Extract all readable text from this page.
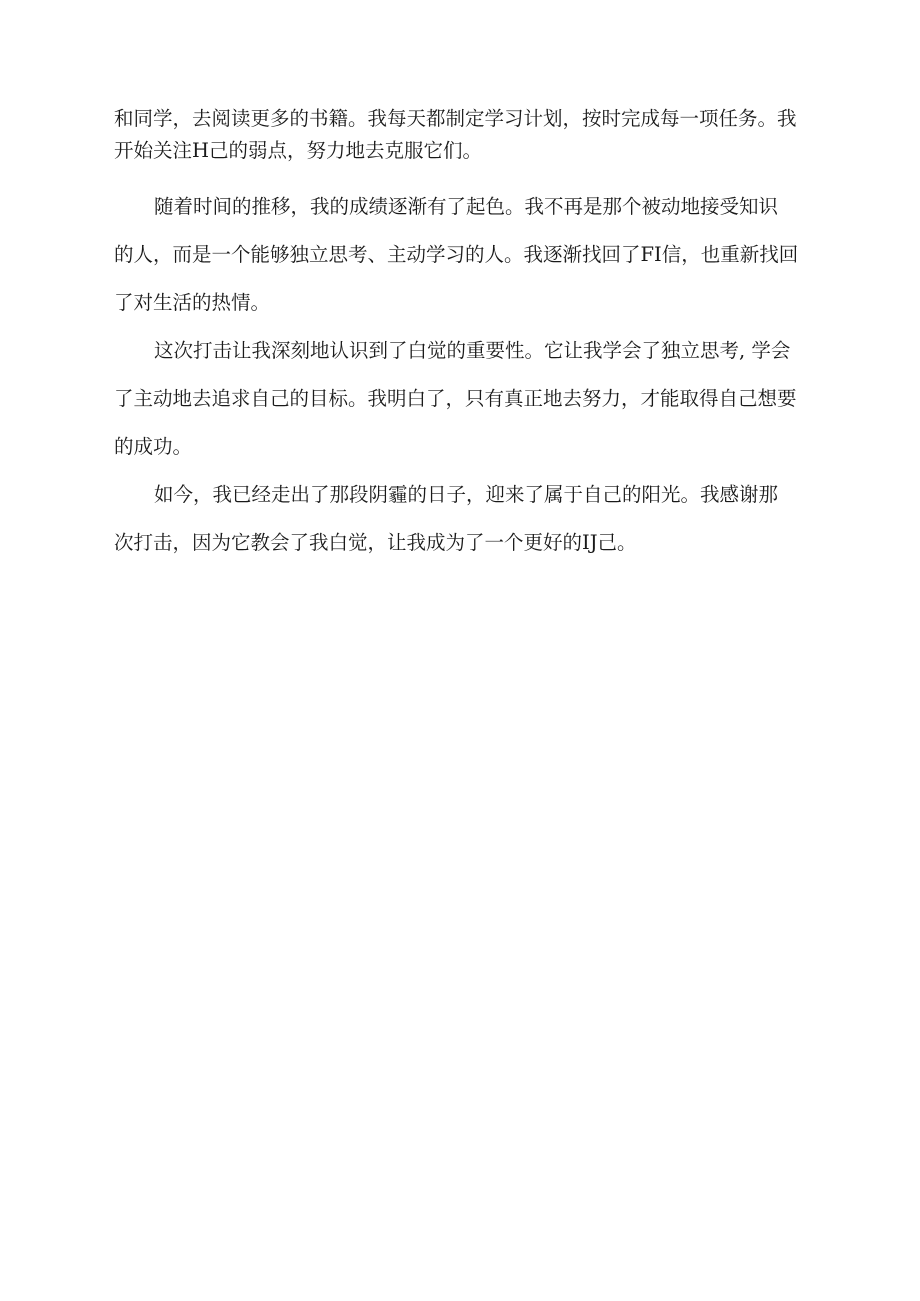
和同学，去阅读更多的书籍。我每天都制定学习计划，按时完成每一项任务。我
开始关注H己的弱点，努力地去克服它们。

随着时间的推移，我的成绩逐渐有了起色。我不再是那个被动地接受知识
的人，而是一个能够独立思考、主动学习的人。我逐渐找回了FI信，也重新找回
了对生活的热情。

这次打击让我深刻地认识到了白觉的重要性。它让我学会了独立思考, 学会
了主动地去追求自己的目标。我明白了，只有真正地去努力，才能取得自己想要
的成功。

如今，我已经走出了那段阴霾的日子，迎来了属于自己的阳光。我感谢那
次打击，因为它教会了我白觉，让我成为了一个更好的IJ己。
